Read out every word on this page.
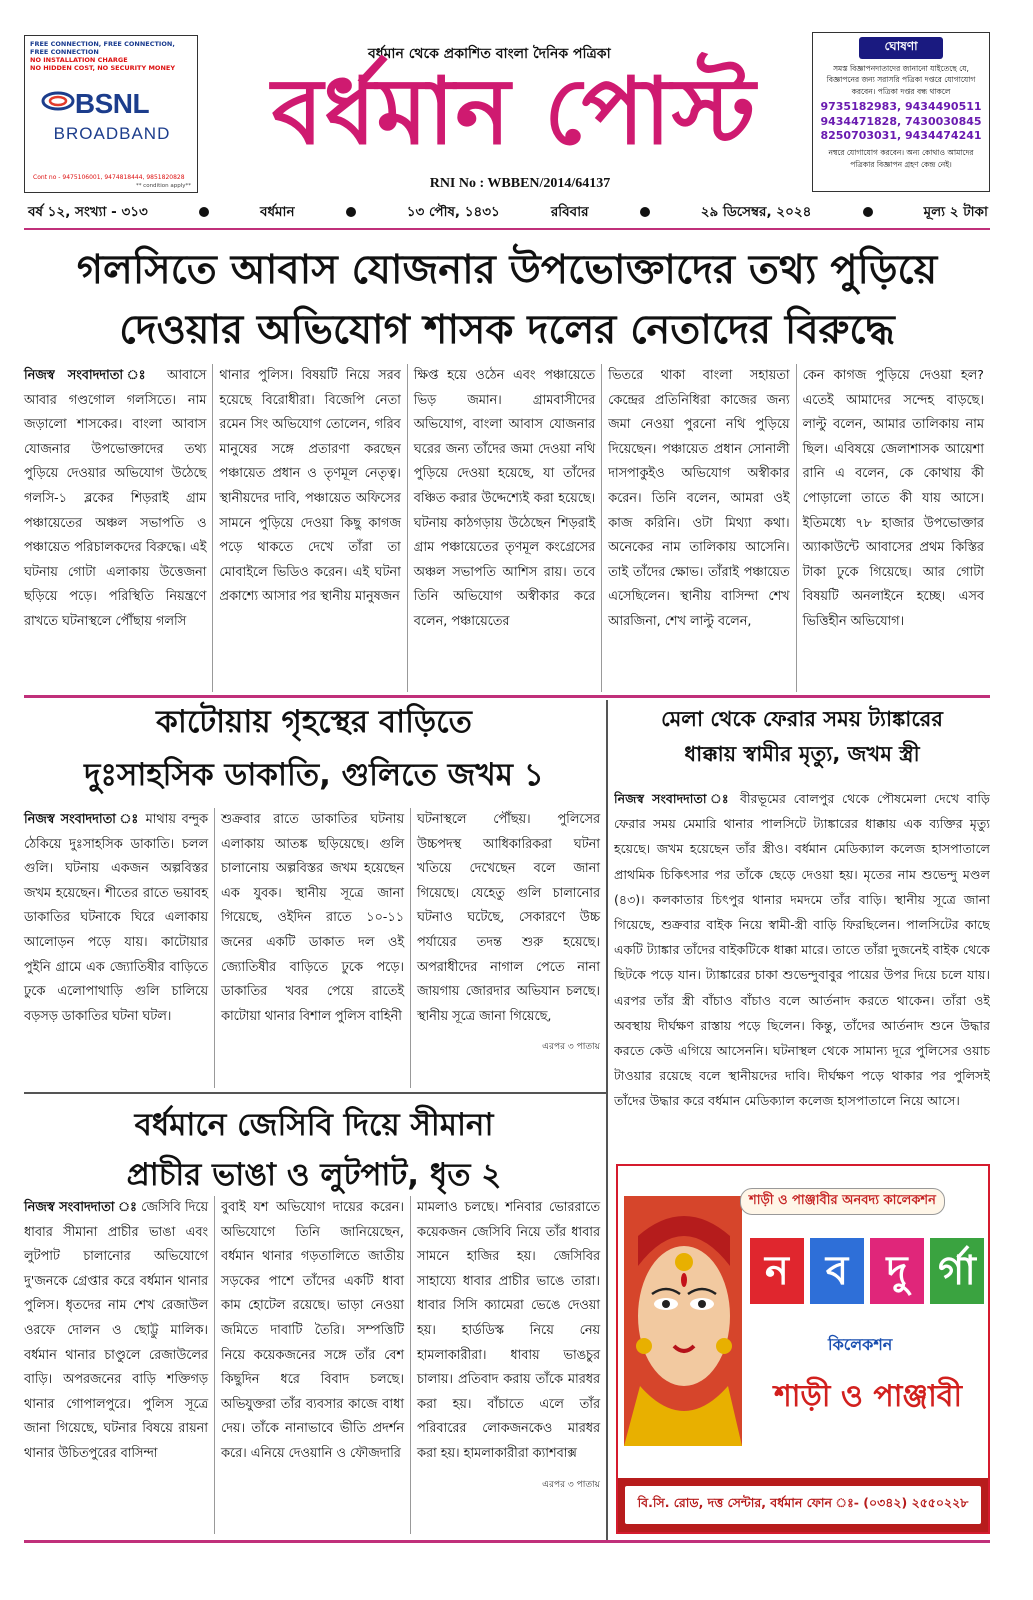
FREE CONNECTION, FREE CONNECTION, FREE CONNECTION
NO INSTALLATION CHARGE
NO HIDDEN COST, NO SECURITY MONEY
BSNL
BROADBAND
Cont no - 9475106001, 9474818444, 9851820828
** condition apply**
বর্ধমান থেকে প্রকাশিত বাংলা দৈনিক পত্রিকা
বর্ধমান পোস্ট
RNI No : WBBEN/2014/64137
ঘোষণা
সমস্ত বিজ্ঞাপনদাতাদের জানানো যাইতেছে যে, বিজ্ঞাপনের জন্য সরাসরি পত্রিকা দপ্তরে যোগাযোগ করবেন। পত্রিকা দপ্তর বন্ধ থাকলে
9735182983, 9434490511
9434471828, 7430030845
8250703031, 9434474241
নম্বরে যোগাযোগ করবেন। অন্য কোথাও আমাদের পত্রিকার বিজ্ঞাপন গ্রহণ কেন্দ্র নেই।
বর্ষ ১২, সংখ্যা - ৩১৩	বর্ধমান	১৩ পৌষ, ১৪৩১	রবিবার	২৯ ডিসেম্বর, ২০২৪	মূল্য ২ টাকা
গলসিতে আবাস যোজনার উপভোক্তাদের তথ্য পুড়িয়ে
দেওয়ার অভিযোগ শাসক দলের নেতাদের বিরুদ্ধে
নিজস্ব সংবাদদাতা ঃ আবাসে আবার গণ্ডগোল গলসিতে। নাম জড়ালো শাসকের। বাংলা আবাস যোজনার উপভোক্তাদের তথ্য পুড়িয়ে দেওয়ার অভিযোগ উঠেছে গলসি-১ ব্লকের শিড়রাই গ্রাম পঞ্চায়েতের অঞ্চল সভাপতি ও পঞ্চায়েত পরিচালকদের বিরুদ্ধে। এই ঘটনায় গোটা এলাকায় উত্তেজনা ছড়িয়ে পড়ে। পরিস্থিতি নিয়ন্ত্রণে রাখতে ঘটনাস্থলে পৌঁছায় গলসি
থানার পুলিস। বিষয়টি নিয়ে সরব হয়েছে বিরোধীরা। বিজেপি নেতা রমেন সিং অভিযোগ তোলেন, গরিব মানুষের সঙ্গে প্রতারণা করছেন পঞ্চায়েত প্রধান ও তৃণমূল নেতৃত্ব। স্থানীয়দের দাবি, পঞ্চায়েত অফিসের সামনে পুড়িয়ে দেওয়া কিছু কাগজ পড়ে থাকতে দেখে তাঁরা তা মোবাইলে ভিডিও করেন। এই ঘটনা প্রকাশ্যে আসার পর স্থানীয় মানুষজন
ক্ষিপ্ত হয়ে ওঠেন এবং পঞ্চায়েতে ভিড় জমান। গ্রামবাসীদের অভিযোগ, বাংলা আবাস যোজনার ঘরের জন্য তাঁদের জমা দেওয়া নথি পুড়িয়ে দেওয়া হয়েছে, যা তাঁদের বঞ্চিত করার উদ্দেশ্যেই করা হয়েছে। ঘটনায় কাঠগড়ায় উঠেছেন শিড়রাই গ্রাম পঞ্চায়েতের তৃণমূল কংগ্রেসের অঞ্চল সভাপতি আশিস রায়। তবে তিনি অভিযোগ অস্বীকার করে বলেন, পঞ্চায়েতের
ভিতরে থাকা বাংলা সহায়তা কেন্দ্রের প্রতিনিধিরা কাজের জন্য জমা নেওয়া পুরনো নথি পুড়িয়ে দিয়েছেন। পঞ্চায়েত প্রধান সোনালী দাসপাকুইও অভিযোগ অস্বীকার করেন। তিনি বলেন, আমরা ওই কাজ করিনি। ওটা মিথ্যা কথা। অনেকের নাম তালিকায় আসেনি। তাই তাঁদের ক্ষোভ। তাঁরাই পঞ্চায়েত এসেছিলেন। স্থানীয় বাসিন্দা শেখ আরজিনা, শেখ লাল্টু বলেন,
কেন কাগজ পুড়িয়ে দেওয়া হল? এতেই আমাদের সন্দেহ বাড়ছে। লাল্টু বলেন, আমার তালিকায় নাম ছিল। এবিষয়ে জেলাশাসক আয়েশা রানি এ বলেন, কে কোথায় কী পোড়ালো তাতে কী যায় আসে। ইতিমধ্যে ৭৮ হাজার উপভোক্তার অ্যাকাউন্টে আবাসের প্রথম কিস্তির টাকা ঢুকে গিয়েছে। আর গোটা বিষয়টি অনলাইনে হচ্ছে। এসব ভিত্তিহীন অভিযোগ।
কাটোয়ায় গৃহস্থের বাড়িতে
দুঃসাহসিক ডাকাতি, গুলিতে জখম ১
নিজস্ব সংবাদদাতা ঃ মাথায় বন্দুক ঠেকিয়ে দুঃসাহসিক ডাকাতি। চলল গুলি। ঘটনায় একজন অল্পবিস্তর জখম হয়েছেন। শীতের রাতে ভয়াবহ ডাকাতির ঘটনাকে ঘিরে এলাকায় আলোড়ন পড়ে যায়। কাটোয়ার পুইনি গ্রামে এক জ্যোতিষীর বাড়িতে ঢুকে এলোপাথাড়ি গুলি চালিয়ে বড়সড় ডাকাতির ঘটনা ঘটল।
শুক্রবার রাতে ডাকাতির ঘটনায় এলাকায় আতঙ্ক ছড়িয়েছে। গুলি চালানোয় অল্পবিস্তর জখম হয়েছেন এক যুবক। স্থানীয় সূত্রে জানা গিয়েছে, ওইদিন রাতে ১০-১১ জনের একটি ডাকাত দল ওই জ্যোতিষীর বাড়িতে ঢুকে পড়ে। ডাকাতির খবর পেয়ে রাতেই কাটোয়া থানার বিশাল পুলিস বাহিনী
ঘটনাস্থলে পৌঁছয়। পুলিসের উচ্চপদস্থ আধিকারিকরা ঘটনা খতিয়ে দেখেছেন বলে জানা গিয়েছে। যেহেতু গুলি চালানোর ঘটনাও ঘটেছে, সেকারণে উচ্চ পর্যায়ের তদন্ত শুরু হয়েছে। অপরাধীদের নাগাল পেতে নানা জায়গায় জোরদার অভিযান চলছে। স্থানীয় সূত্রে জানা গিয়েছে,
এরপর ৩ পাতায়
মেলা থেকে ফেরার সময় ট্যাঙ্কারের
ধাক্কায় স্বামীর মৃত্যু, জখম স্ত্রী
নিজস্ব সংবাদদাতা ঃ বীরভূমের বোলপুর থেকে পৌষমেলা দেখে বাড়ি ফেরার সময় মেমারি থানার পালসিটে ট্যাঙ্কারের ধাক্কায় এক ব্যক্তির মৃত্যু হয়েছে। জখম হয়েছেন তাঁর স্ত্রীও। বর্ধমান মেডিক্যাল কলেজ হাসপাতালে প্রাথমিক চিকিৎসার পর তাঁকে ছেড়ে দেওয়া হয়। মৃতের নাম শুভেন্দু মণ্ডল (৪৩)। কলকাতার চিৎপুর থানার দমদমে তাঁর বাড়ি। স্থানীয় সূত্রে জানা গিয়েছে, শুক্রবার বাইক নিয়ে স্বামী-স্ত্রী বাড়ি ফিরছিলেন। পালসিটের কাছে একটি ট্যাঙ্কার তাঁদের বাইকটিকে ধাক্কা মারে। তাতে তাঁরা দুজনেই বাইক থেকে ছিটকে পড়ে যান। ট্যাঙ্কারের চাকা শুভেন্দুবাবুর পায়ের উপর দিয়ে চলে যায়। এরপর তাঁর স্ত্রী বাঁচাও বাঁচাও বলে আর্তনাদ করতে থাকেন। তাঁরা ওই অবস্থায় দীর্ঘক্ষণ রাস্তায় পড়ে ছিলেন। কিন্তু, তাঁদের আর্তনাদ শুনে উদ্ধার করতে কেউ এগিয়ে আসেননি। ঘটনাস্থল থেকে সামান্য দূরে পুলিসের ওয়াচ টাওয়ার রয়েছে বলে স্থানীয়দের দাবি। দীর্ঘক্ষণ পড়ে থাকার পর পুলিসই তাঁদের উদ্ধার করে বর্ধমান মেডিক্যাল কলেজ হাসপাতালে নিয়ে আসে।
বর্ধমানে জেসিবি দিয়ে সীমানা
প্রাচীর ভাঙা ও লুটপাট, ধৃত ২
নিজস্ব সংবাদদাতা ঃ জেসিবি দিয়ে ধাবার সীমানা প্রাচীর ভাঙা এবং লুটপাট চালানোর অভিযোগে দু'জনকে গ্রেপ্তার করে বর্ধমান থানার পুলিস। ধৃতদের নাম শেখ রেজাউল ওরফে দোলন ও ছোট্টু মালিক। বর্ধমান থানার চাণ্ডুলে রেজাউলের বাড়ি। অপরজনের বাড়ি শক্তিগড় থানার গোপালপুরে। পুলিস সূত্রে জানা গিয়েছে, ঘটনার বিষয়ে রায়না থানার উচিতপুরের বাসিন্দা
বুবাই যশ অভিযোগ দায়ের করেন। অভিযোগে তিনি জানিয়েছেন, বর্ধমান থানার গড়তালিতে জাতীয় সড়কের পাশে তাঁদের একটি ধাবা কাম হোটেল রয়েছে। ভাড়া নেওয়া জমিতে দাবাটি তৈরি। সম্পত্তিটি নিয়ে কয়েকজনের সঙ্গে তাঁর বেশ কিছুদিন ধরে বিবাদ চলছে। অভিযুক্তরা তাঁর ব্যবসার কাজে বাধা দেয়। তাঁকে নানাভাবে ভীতি প্রদর্শন করে। এনিয়ে দেওয়ানি ও ফৌজদারি
মামলাও চলছে। শনিবার ভোররাতে কয়েকজন জেসিবি নিয়ে তাঁর ধাবার সামনে হাজির হয়। জেসিবির সাহায্যে ধাবার প্রাচীর ভাঙে তারা। ধাবার সিসি ক্যামেরা ভেঙে দেওয়া হয়। হার্ডডিস্ক নিয়ে নেয় হামলাকারীরা। ধাবায় ভাঙচুর চালায়। প্রতিবাদ করায় তাঁকে মারধর করা হয়। বাঁচাতে এলে তাঁর পরিবারের লোকজনকেও মারধর করা হয়। হামলাকারীরা ক্যাশবাক্স
এরপর ৩ পাতায়
শাড়ী ও পাঞ্জাবীর অনবদ্য কালেকশন
ন ব দু র্গা
কিলেকশন
শাড়ী ও পাঞ্জাবী
বি.সি. রোড, দত্ত সেন্টার, বর্ধমান ফোন ঃ- (০৩৪২) ২৫৫০২২৮
